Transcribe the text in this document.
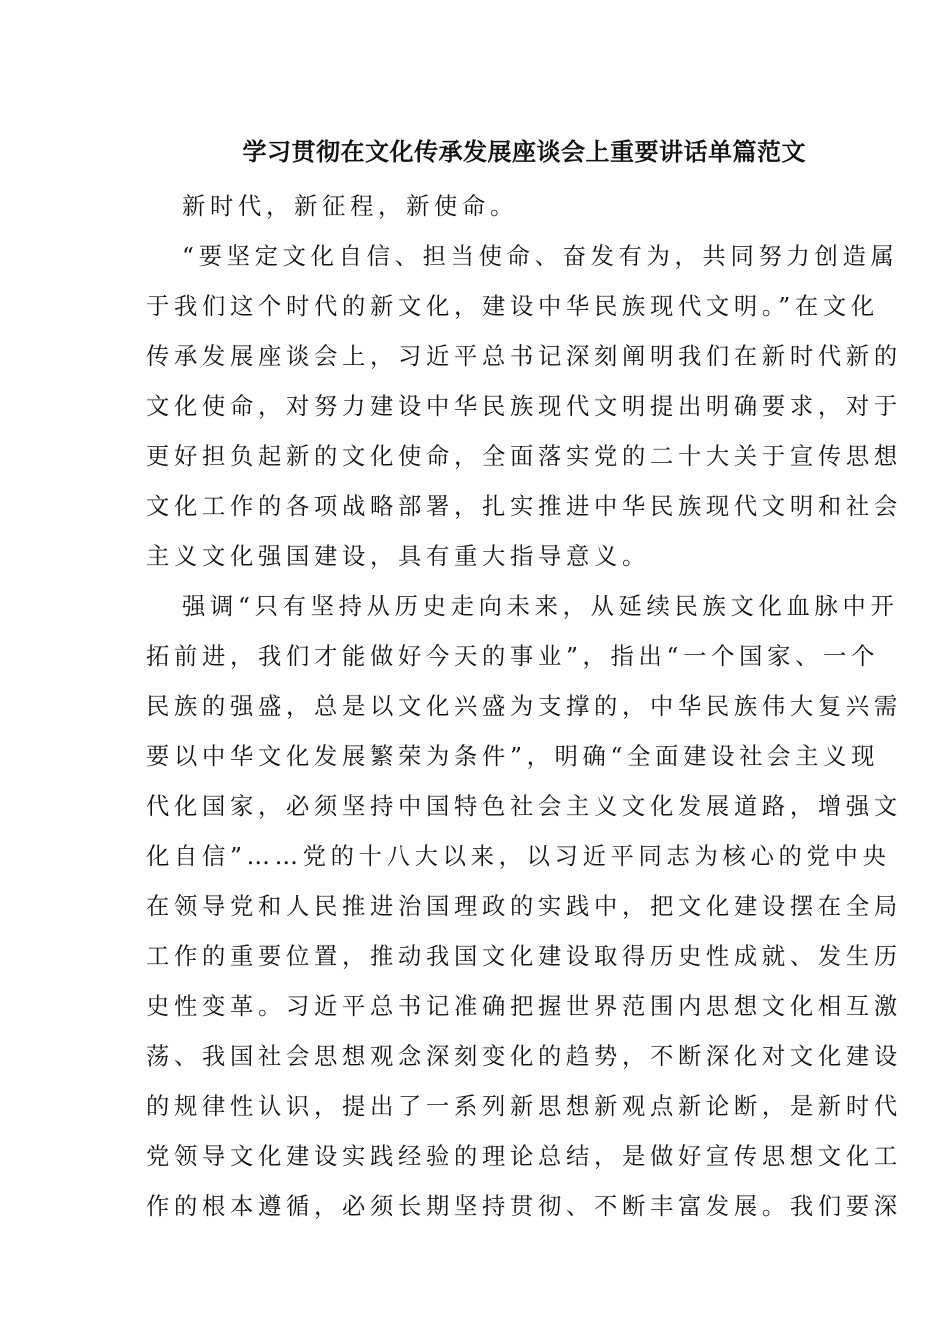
学习贯彻在文化传承发展座谈会上重要讲话单篇范文
新时代，新征程，新使命。
“要坚定文化自信、担当使命、奋发有为，共同努力创造属
于我们这个时代的新文化，建设中华民族现代文明。”在文化
传承发展座谈会上，习近平总书记深刻阐明我们在新时代新的
文化使命，对努力建设中华民族现代文明提出明确要求，对于
更好担负起新的文化使命，全面落实党的二十大关于宣传思想
文化工作的各项战略部署，扎实推进中华民族现代文明和社会
主义文化强国建设，具有重大指导意义。
强调“只有坚持从历史走向未来，从延续民族文化血脉中开
拓前进，我们才能做好今天的事业”，指出“一个国家、一个
民族的强盛，总是以文化兴盛为支撑的，中华民族伟大复兴需
要以中华文化发展繁荣为条件”，明确“全面建设社会主义现
代化国家，必须坚持中国特色社会主义文化发展道路，增强文
化自信”……党的十八大以来，以习近平同志为核心的党中央
在领导党和人民推进治国理政的实践中，把文化建设摆在全局
工作的重要位置，推动我国文化建设取得历史性成就、发生历
史性变革。习近平总书记准确把握世界范围内思想文化相互激
荡、我国社会思想观念深刻变化的趋势，不断深化对文化建设
的规律性认识，提出了一系列新思想新观点新论断，是新时代
党领导文化建设实践经验的理论总结，是做好宣传思想文化工
作的根本遵循，必须长期坚持贯彻、不断丰富发展。我们要深
